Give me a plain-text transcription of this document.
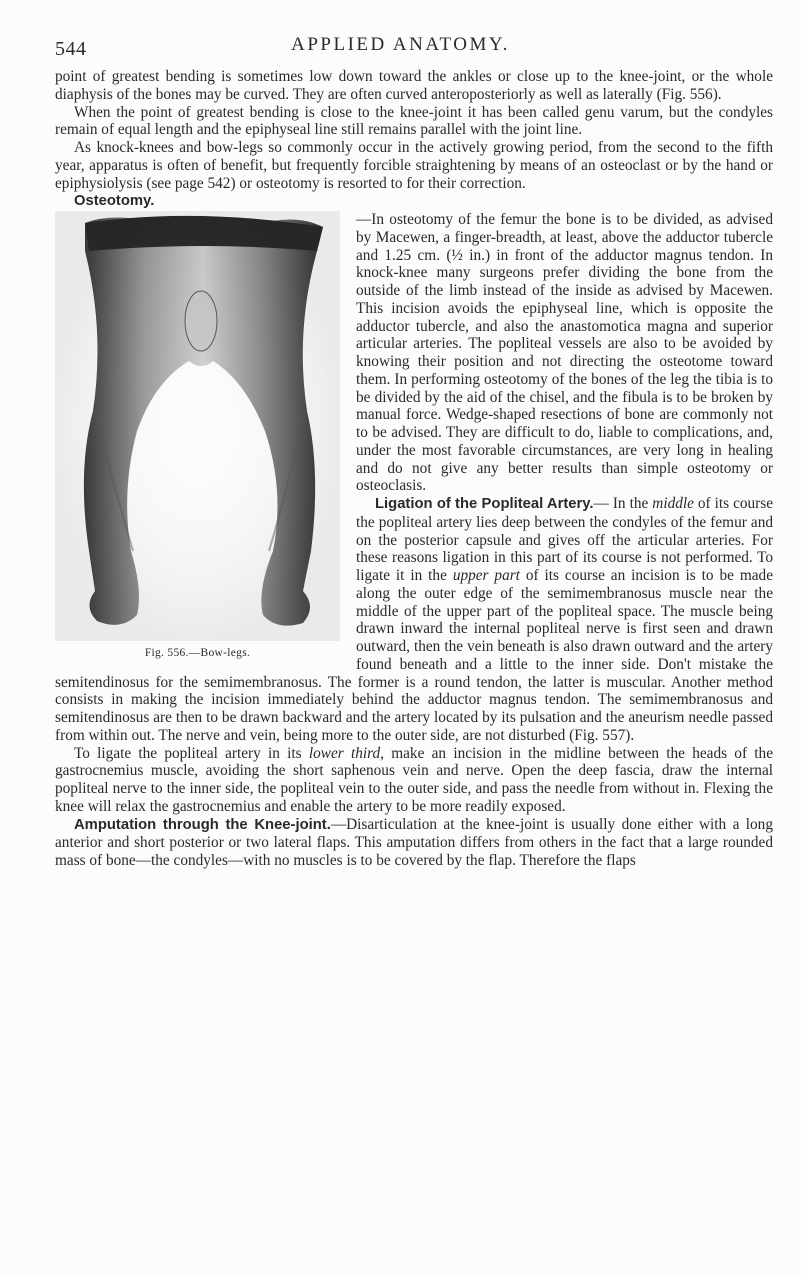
544	APPLIED ANATOMY.

point of greatest bending is sometimes low down toward the ankles or close up to the knee-joint, or the whole diaphysis of the bones may be curved. They are often curved anteroposteriorly as well as laterally (Fig. 556).

When the point of greatest bending is close to the knee-joint it has been called genu varum, but the condyles remain of equal length and the epiphyseal line still remains parallel with the joint line.

As knock-knees and bow-legs so commonly occur in the actively growing period, from the second to the fifth year, apparatus is often of benefit, but frequently forcible straightening by means of an osteoclast or by the hand or epiphysiolysis (see page 542) or osteotomy is resorted to for their correction.

Osteotomy.

Fig. 556.—Bow-legs.

—In osteotomy of the femur the bone is to be divided, as advised by Macewen, a finger-breadth, at least, above the adductor tubercle and 1.25 cm. (½ in.) in front of the adductor magnus tendon. In knock-knee many surgeons prefer dividing the bone from the outside of the limb instead of the inside as advised by Macewen. This incision avoids the epiphyseal line, which is opposite the adductor tubercle, and also the anastomotica magna and superior articular arteries. The popliteal vessels are also to be avoided by knowing their position and not directing the osteotome toward them. In performing osteotomy of the bones of the leg the tibia is to be divided by the aid of the chisel, and the fibula is to be broken by manual force. Wedge-shaped resections of bone are commonly not to be advised. They are difficult to do, liable to complications, and, under the most favorable circumstances, are very long in healing and do not give any better results than simple osteotomy or osteoclasis.

Ligation of the Popliteal Artery.— In the middle of its course the popliteal artery lies deep between the condyles of the femur and on the posterior capsule and gives off the articular arteries. For these reasons ligation in this part of its course is not performed. To ligate it in the upper part of its course an incision is to be made along the outer edge of the semimembranosus muscle near the middle of the upper part of the popliteal space. The muscle being drawn inward the internal popliteal nerve is first seen and drawn outward, then the vein beneath is also drawn outward and the artery found beneath and a little to the inner side. Don't mistake the semitendinosus for the semimembranosus. The former is a round tendon, the latter is muscular. Another method consists in making the incision immediately behind the adductor magnus tendon. The semimembranosus and semitendinosus are then to be drawn backward and the artery located by its pulsation and the aneurism needle passed from within out. The nerve and vein, being more to the outer side, are not disturbed (Fig. 557).

To ligate the popliteal artery in its lower third, make an incision in the midline between the heads of the gastrocnemius muscle, avoiding the short saphenous vein and nerve. Open the deep fascia, draw the internal popliteal nerve to the inner side, the popliteal vein to the outer side, and pass the needle from without in. Flexing the knee will relax the gastrocnemius and enable the artery to be more readily exposed.

Amputation through the Knee-joint.—Disarticulation at the knee-joint is usually done either with a long anterior and short posterior or two lateral flaps. This amputation differs from others in the fact that a large rounded mass of bone—the condyles—with no muscles is to be covered by the flap. Therefore the flaps
